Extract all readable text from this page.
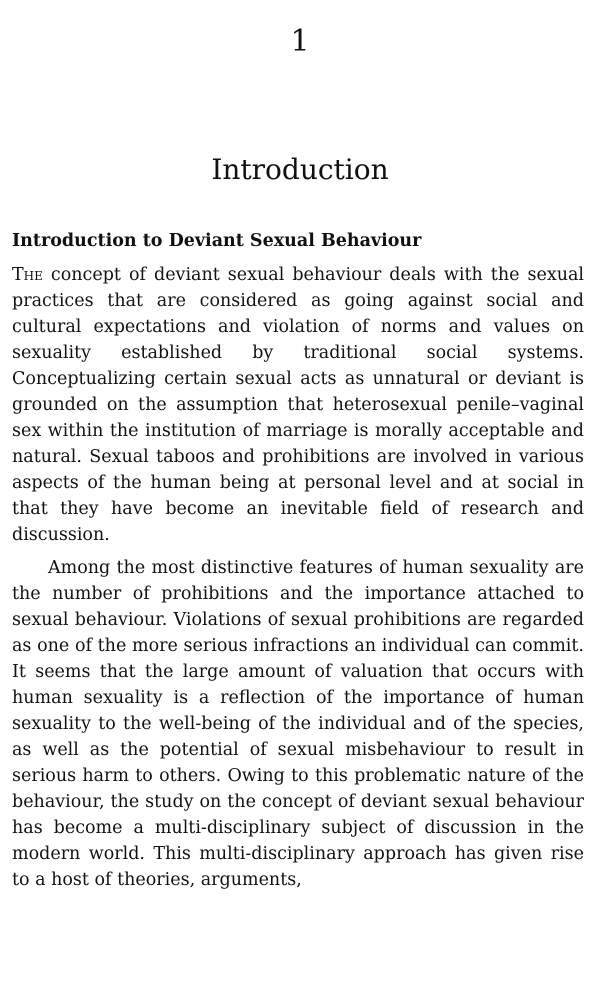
1
Introduction
Introduction to Deviant Sexual Behaviour

The concept of deviant sexual behaviour deals with the sexual practices that are considered as going against social and cultural expectations and violation of norms and values on sexuality established by traditional social systems. Conceptualizing certain sexual acts as unnatural or deviant is grounded on the assumption that heterosexual penile–vaginal sex within the institution of marriage is morally acceptable and natural. Sexual taboos and prohibitions are involved in various aspects of the human being at personal level and at social in that they have become an inevitable field of research and discussion.

Among the most distinctive features of human sexuality are the number of prohibitions and the importance attached to sexual behaviour. Violations of sexual prohibitions are regarded as one of the more serious infractions an individual can commit. It seems that the large amount of valuation that occurs with human sexuality is a reflection of the importance of human sexuality to the well-being of the individual and of the species, as well as the potential of sexual misbehaviour to result in serious harm to others. Owing to this problematic nature of the behaviour, the study on the concept of deviant sexual behaviour has become a multi-disciplinary subject of discussion in the modern world. This multi-disciplinary approach has given rise to a host of theories, arguments,
